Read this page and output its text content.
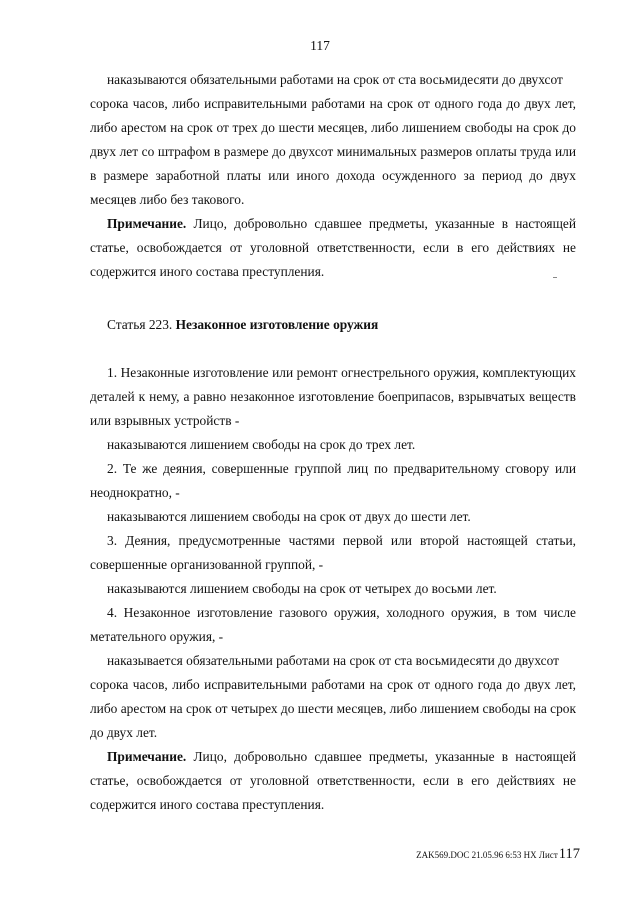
117

наказываются обязательными работами на срок от ста восьмидесяти до двухсот

сорока часов, либо исправительными работами на срок от одного года до двух лет, либо арестом на срок от трех до шести месяцев, либо лишением свободы на срок до двух лет со штрафом в размере до двухсот минимальных размеров оплаты труда или в размере заработной платы или иного дохода осужденного за период до двух месяцев либо без такового.

Примечание. Лицо, добровольно сдавшее предметы, указанные в настоящей статье, освобождается от уголовной ответственности, если в его действиях не содержится иного состава преступления.

Статья 223. Незаконное изготовление оружия

1. Незаконные изготовление или ремонт огнестрельного оружия, комплектующих деталей к нему, а равно незаконное изготовление боеприпасов, взрывчатых веществ или взрывных устройств -

наказываются лишением свободы на срок до трех лет.

2. Те же деяния, совершенные группой лиц по предварительному сговору или неоднократно, -

наказываются лишением свободы на срок от двух до шести лет.

3. Деяния, предусмотренные частями первой или второй настоящей статьи, совершенные организованной группой, -

наказываются лишением свободы на срок от четырех до восьми лет.

4. Незаконное изготовление газового оружия, холодного оружия, в том числе метательного оружия, -

наказывается обязательными работами на срок от ста восьмидесяти до двухсот

сорока часов, либо исправительными работами на срок от одного года до двух лет, либо арестом на срок от четырех до шести месяцев, либо лишением свободы на срок до двух лет.

Примечание. Лицо, добровольно сдавшее предметы, указанные в настоящей статье, освобождается от уголовной ответственности, если в его действиях не содержится иного состава преступления.

ZAK569.DOC 21.05.96 6:53 НХ Лист 117
